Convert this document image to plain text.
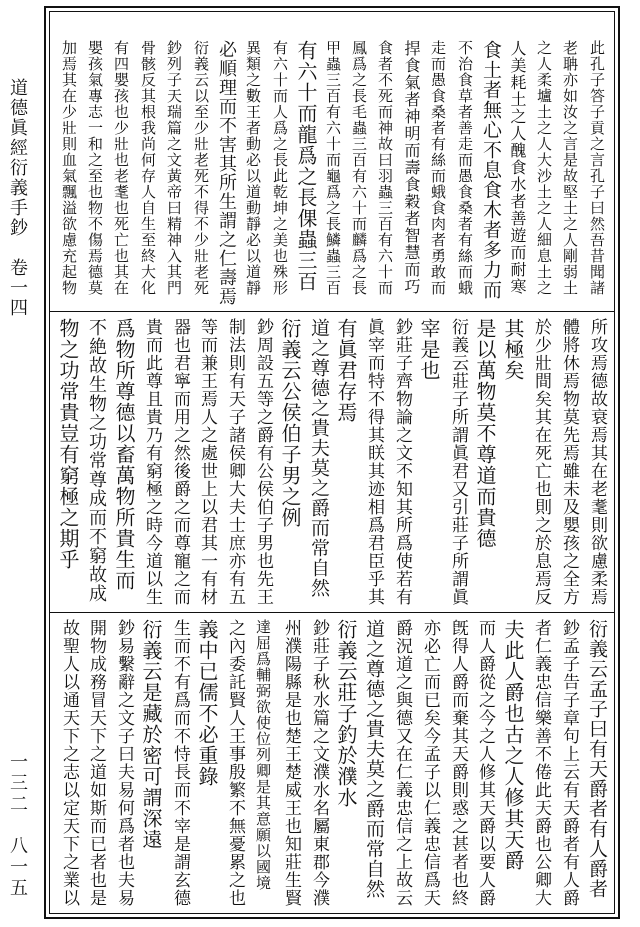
道德眞經衍義手鈔　卷一四
一三二　八一五
此孔子答子貢之言孔子曰然吾昔聞諸
老聃亦如汝之言是故堅土之人剛弱土
之人柔壚土之人大沙土之人細息土之
人美耗土之人醜食水者善遊而耐寒
食土者無心不息食木者多力而
不治食草者善走而愚食桑者有絲而蛾
走而愚食桑者有絲而蛾食肉者勇敢而
捍食氣者神明而壽食穀者智慧而巧
食者不死而神故曰羽蟲三百有六十而
鳳爲之長毛蟲三百有六十而麟爲之長
甲蟲三百有六十而龜爲之長鱗蟲三百
有六十而龍爲之長倮蟲三百
有六十而人爲之長此乾坤之美也殊形
異類之數王者動必以道動靜必以道靜
必順理而不害其所生謂之仁壽焉
衍義云以至少壯老死不得不少壯老死
鈔列子天瑞篇之文黃帝曰精神入其門
骨骸反其根我尚何存人自生至終大化
有四嬰孩也少壯也老耄也死亡也其在
嬰孩氣專志一和之至也物不傷焉德莫
加焉其在少壯則血氣飄溢欲慮充起物
所攻焉德故衰焉其在老耄則欲慮柔焉
體將休焉物莫先焉雖未及嬰孩之全方
於少壯間矣其在死亡也則之於息焉反
其極矣
是以萬物莫不尊道而貴德
衍義云莊子所謂眞君又引莊子所謂眞
宰是也
鈔莊子齊物論之文不知其所爲使若有
眞宰而特不得其眹其迹相爲君臣乎其
有眞君存焉
道之尊德之貴夫莫之爵而常自然
衍義云公侯伯子男之例
鈔周設五等之爵有公侯伯子男也先王
制法則有天子諸侯卿大夫士庶亦有五
等而兼王焉人之處世上以君其一有材
器也君寧而用之然後爵之而尊寵之而
貴而此尊且貴乃有窮極之時今道以生
爲物所尊德以畜萬物所貴生而
不絶故生物之功常尊成而不窮故成
物之功常貴豈有窮極之期乎
衍義云孟子曰有天爵者有人爵者
鈔孟子告子章句上云有天爵者有人爵
者仁義忠信樂善不倦此天爵也公卿大
夫此人爵也古之人修其天爵
而人爵從之今之人修其天爵以要人爵
旣得人爵而棄其天爵則惑之甚者也終
亦必亡而已矣今孟子以仁義忠信爲天
爵況道之與德又在仁義忠信之上故云
道之尊德之貴夫莫之爵而常自然
衍義云莊子釣於濮水
鈔莊子秋水篇之文濮水名屬東郡今濮
州濮陽縣是也楚王楚威王也知莊生賢
達屈爲輔弼欲使位列卿是其意願以國境
之內委託賢人王事殷繁不無憂累之也
義中已儒不必重錄
生而不有爲而不恃長而不宰是謂玄德
衍義云是藏於密可謂深遠
鈔易繫辭之文子曰夫易何爲者也夫易
開物成務冒天下之道如斯而已者也是
故聖人以通天下之志以定天下之業以
